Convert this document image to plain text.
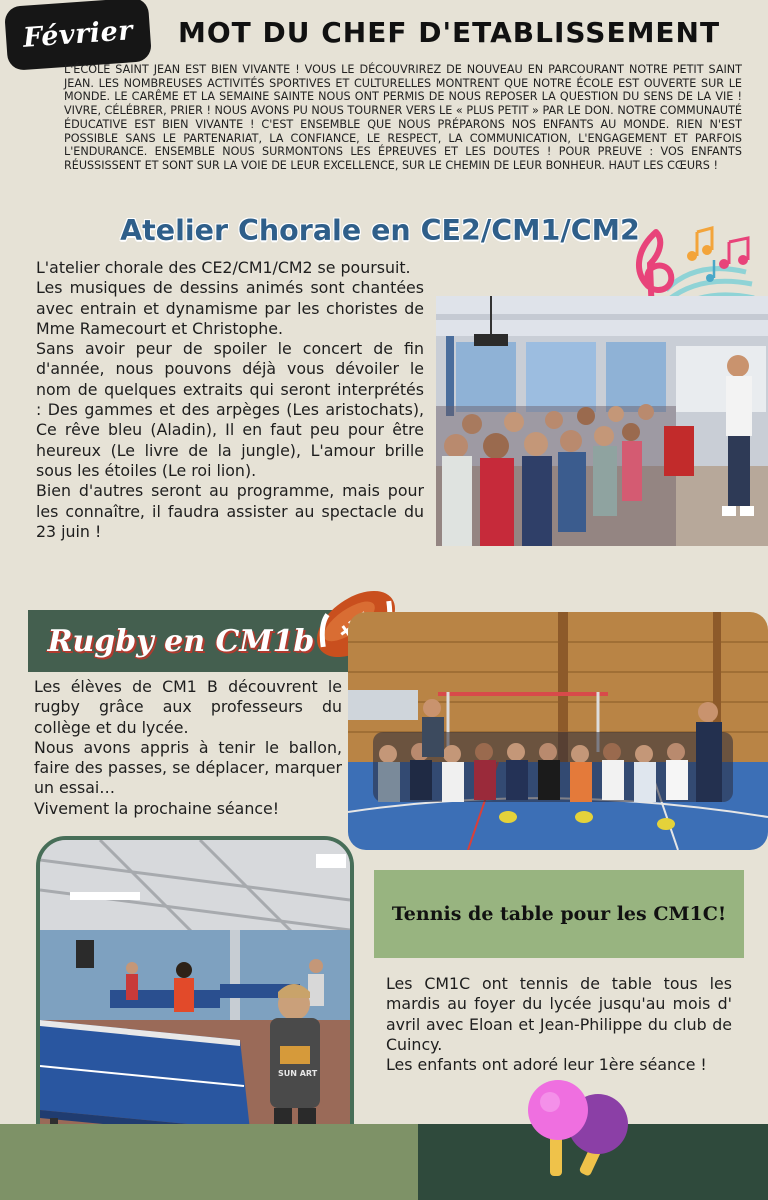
Février MOT DU CHEF D'ETABLISSEMENT
L'ÉCOLE SAINT JEAN EST BIEN VIVANTE ! VOUS LE DÉCOUVRIREZ DE NOUVEAU EN PARCOURANT NOTRE PETIT SAINT JEAN. LES NOMBREUSES ACTIVITÉS SPORTIVES ET CULTURELLES MONTRENT QUE NOTRE ÉCOLE EST OUVERTE SUR LE MONDE. LE CARÊME ET LA SEMAINE SAINTE NOUS ONT PERMIS DE NOUS REPOSER LA QUESTION DU SENS DE LA VIE ! VIVRE, CÉLÉBRER, PRIER ! NOUS AVONS PU NOUS TOURNER VERS LE « PLUS PETIT » PAR LE DON. NOTRE COMMUNAUTÉ ÉDUCATIVE EST BIEN VIVANTE ! C'EST ENSEMBLE QUE NOUS PRÉPARONS NOS ENFANTS AU MONDE. RIEN N'EST POSSIBLE SANS LE PARTENARIAT, LA CONFIANCE, LE RESPECT, LA COMMUNICATION, L'ENGAGEMENT ET PARFOIS L'ENDURANCE. ENSEMBLE NOUS SURMONTONS LES ÉPREUVES ET LES DOUTES ! POUR PREUVE : VOS ENFANTS RÉUSSISSENT ET SONT SUR LA VOIE DE LEUR EXCELLENCE, SUR LE CHEMIN DE LEUR BONHEUR. HAUT LES CŒURS !
Atelier Chorale en CE2/CM1/CM2

L'atelier chorale des CE2/CM1/CM2 se poursuit.

Les musiques de dessins animés sont chantées avec entrain et dynamisme par les choristes de Mme Ramecourt et Christophe.

Sans avoir peur de spoiler le concert de fin d'année, nous pouvons déjà vous dévoiler le nom de quelques extraits qui seront interprétés : Des gammes et des arpèges (Les aristochats), Ce rêve bleu (Aladin), Il en faut peu pour être heureux (Le livre de la jungle), L'amour brille sous les étoiles (Le roi lion).

Bien d'autres seront au programme, mais pour les connaître, il faudra assister au spectacle du 23 juin !

Rugby en CM1b

Les élèves de CM1 B découvrent le rugby grâce aux professeurs du collège et du lycée.

Nous avons appris à tenir le ballon, faire des passes, se déplacer, marquer un essai…

Vivement la prochaine séance!

SUN ART
Tennis de table pour les CM1C!

Les CM1C ont tennis de table tous les mardis au foyer du lycée jusqu'au mois d' avril avec Eloan et Jean-Philippe du club de Cuincy.

Les enfants ont adoré leur 1ère séance !
